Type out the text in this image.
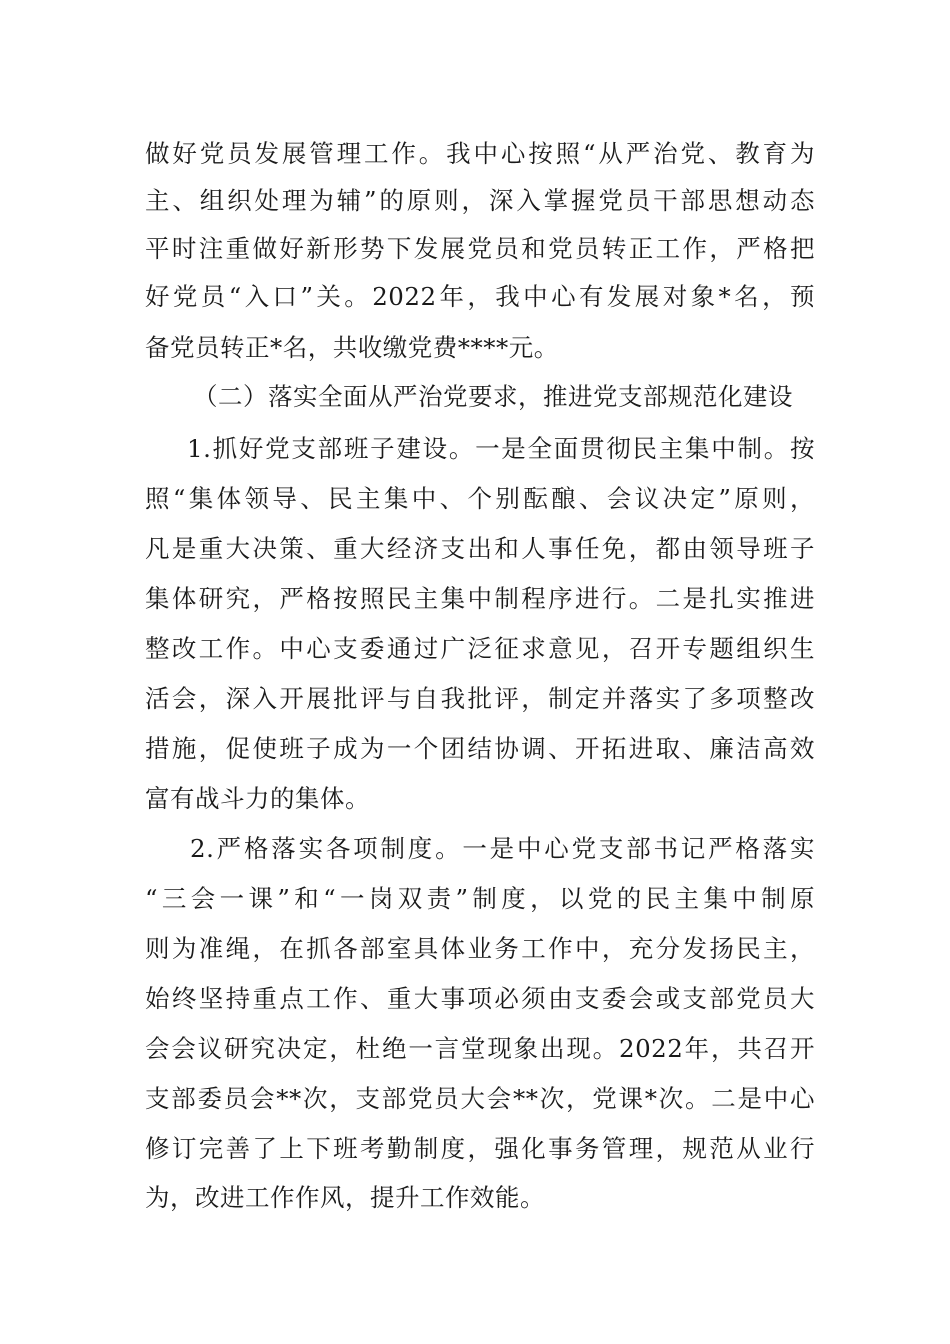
做好党员发展管理工作。我中心按照“从严治党、教育为
主、组织处理为辅”的原则，深入掌握党员干部思想动态
平时注重做好新形势下发展党员和党员转正工作，严格把
好党员“入口”关。2022年，我中心有发展对象*名，预
备党员转正*名，共收缴党费****元。
（二）落实全面从严治党要求，推进党支部规范化建设
1.抓好党支部班子建设。一是全面贯彻民主集中制。按
照“集体领导、民主集中、个别酝酿、会议决定”原则，
凡是重大决策、重大经济支出和人事任免，都由领导班子
集体研究，严格按照民主集中制程序进行。二是扎实推进
整改工作。中心支委通过广泛征求意见，召开专题组织生
活会，深入开展批评与自我批评，制定并落实了多项整改
措施，促使班子成为一个团结协调、开拓进取、廉洁高效
富有战斗力的集体。
2.严格落实各项制度。一是中心党支部书记严格落实
“三会一课”和“一岗双责”制度，以党的民主集中制原
则为准绳，在抓各部室具体业务工作中，充分发扬民主，
始终坚持重点工作、重大事项必须由支委会或支部党员大
会会议研究决定，杜绝一言堂现象出现。2022年，共召开
支部委员会**次，支部党员大会**次，党课*次。二是中心
修订完善了上下班考勤制度，强化事务管理，规范从业行
为，改进工作作风，提升工作效能。
